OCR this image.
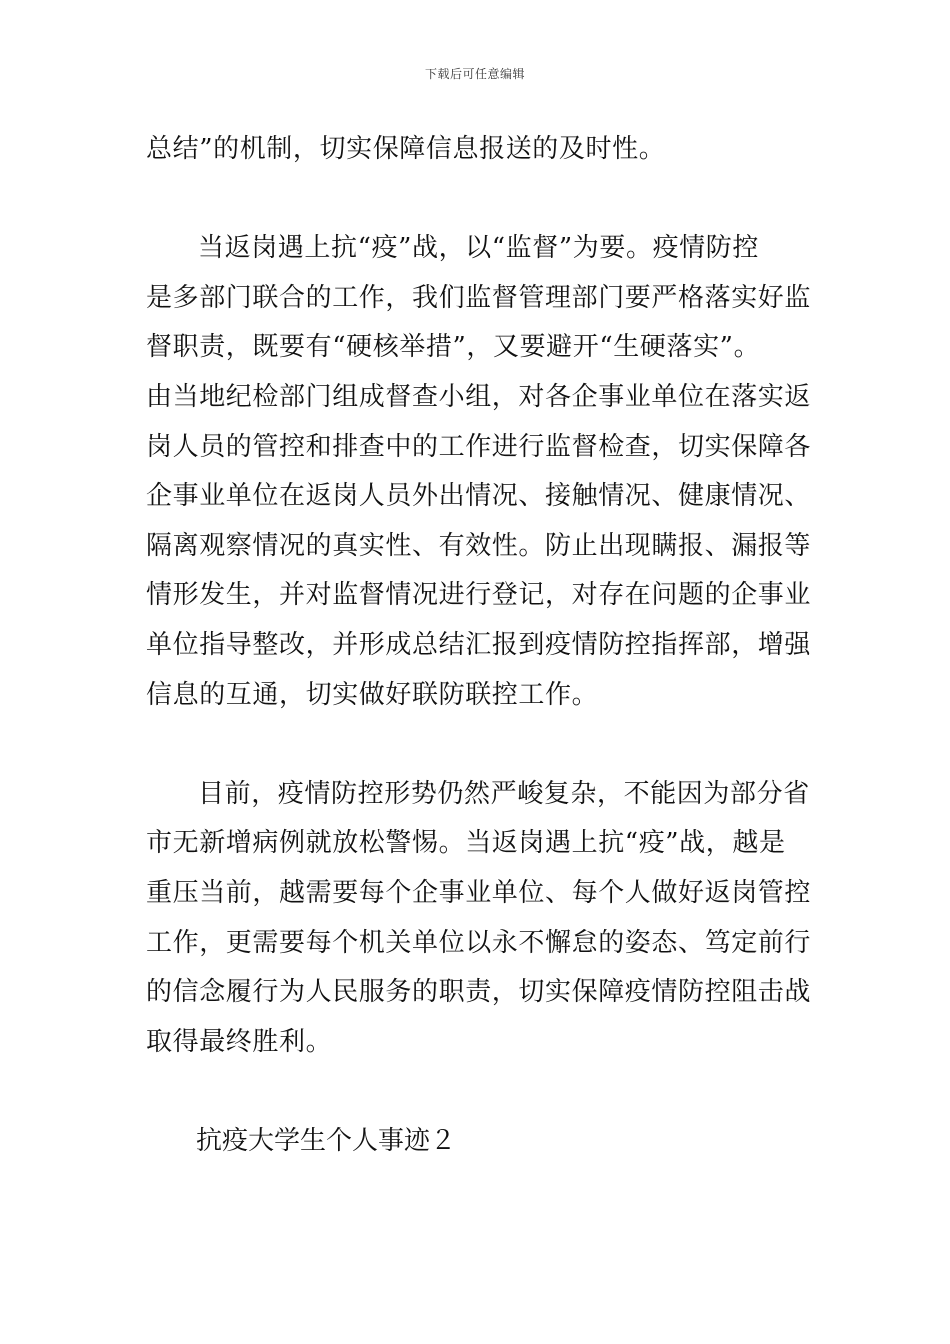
下载后可任意编辑
总结”的机制，切实保障信息报送的及时性。
当返岗遇上抗“疫”战，以“监督”为要。疫情防控
是多部门联合的工作，我们监督管理部门要严格落实好监
督职责，既要有“硬核举措”，又要避开“生硬落实”。
由当地纪检部门组成督查小组，对各企事业单位在落实返
岗人员的管控和排查中的工作进行监督检查，切实保障各
企事业单位在返岗人员外出情况、接触情况、健康情况、
隔离观察情况的真实性、有效性。防止出现瞒报、漏报等
情形发生，并对监督情况进行登记，对存在问题的企事业
单位指导整改，并形成总结汇报到疫情防控指挥部，增强
信息的互通，切实做好联防联控工作。
目前，疫情防控形势仍然严峻复杂，不能因为部分省
市无新增病例就放松警惕。当返岗遇上抗“疫”战，越是
重压当前，越需要每个企事业单位、每个人做好返岗管控
工作，更需要每个机关单位以永不懈怠的姿态、笃定前行
的信念履行为人民服务的职责，切实保障疫情防控阻击战
取得最终胜利。
抗疫大学生个人事迹２
